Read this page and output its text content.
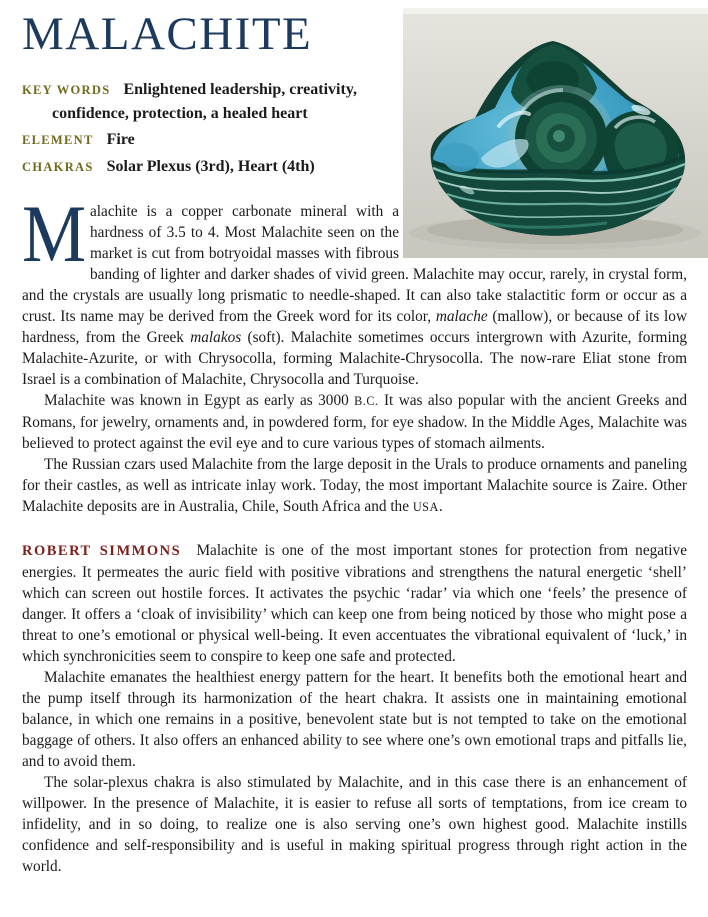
MALACHITE
KEY WORDS Enlightened leadership, creativity, confidence, protection, a healed heart
ELEMENT Fire
CHAKRAS Solar Plexus (3rd), Heart (4th)

Malachite is a copper carbonate mineral with a hardness of 3.5 to 4. Most Malachite seen on the market is cut from botryoidal masses with fibrous banding of lighter and darker shades of vivid green. Malachite may occur, rarely, in crystal form, and the crystals are usually long prismatic to needle-shaped. It can also take stalactitic form or occur as a crust. Its name may be derived from the Greek word for its color, malache (mallow), or because of its low hardness, from the Greek malakos (soft). Malachite sometimes occurs intergrown with Azurite, forming Malachite-Azurite, or with Chrysocolla, forming Malachite-Chrysocolla. The now-rare Eliat stone from Israel is a combination of Malachite, Chrysocolla and Turquoise.

Malachite was known in Egypt as early as 3000 B.C. It was also popular with the ancient Greeks and Romans, for jewelry, ornaments and, in powdered form, for eye shadow. In the Middle Ages, Malachite was believed to protect against the evil eye and to cure various types of stomach ailments.

The Russian czars used Malachite from the large deposit in the Urals to produce ornaments and paneling for their castles, as well as intricate inlay work. Today, the most important Malachite source is Zaire. Other Malachite deposits are in Australia, Chile, South Africa and the USA.

ROBERT SIMMONS   Malachite is one of the most important stones for protection from negative energies. It permeates the auric field with positive vibrations and strengthens the natural energetic ‘shell’ which can screen out hostile forces. It activates the psychic ‘radar’ via which one ‘feels’ the presence of danger. It offers a ‘cloak of invisibility’ which can keep one from being noticed by those who might pose a threat to one’s emotional or physical well-being. It even accentuates the vibrational equivalent of ‘luck,’ in which synchronicities seem to conspire to keep one safe and protected.

Malachite emanates the healthiest energy pattern for the heart. It benefits both the emotional heart and the pump itself through its harmonization of the heart chakra. It assists one in maintaining emotional balance, in which one remains in a positive, benevolent state but is not tempted to take on the emotional baggage of others. It also offers an enhanced ability to see where one’s own emotional traps and pitfalls lie, and to avoid them.

The solar-plexus chakra is also stimulated by Malachite, and in this case there is an enhancement of willpower. In the presence of Malachite, it is easier to refuse all sorts of temptations, from ice cream to infidelity, and in so doing, to realize one is also serving one’s own highest good. Malachite instills confidence and self-responsibility and is useful in making spiritual progress through right action in the world.
